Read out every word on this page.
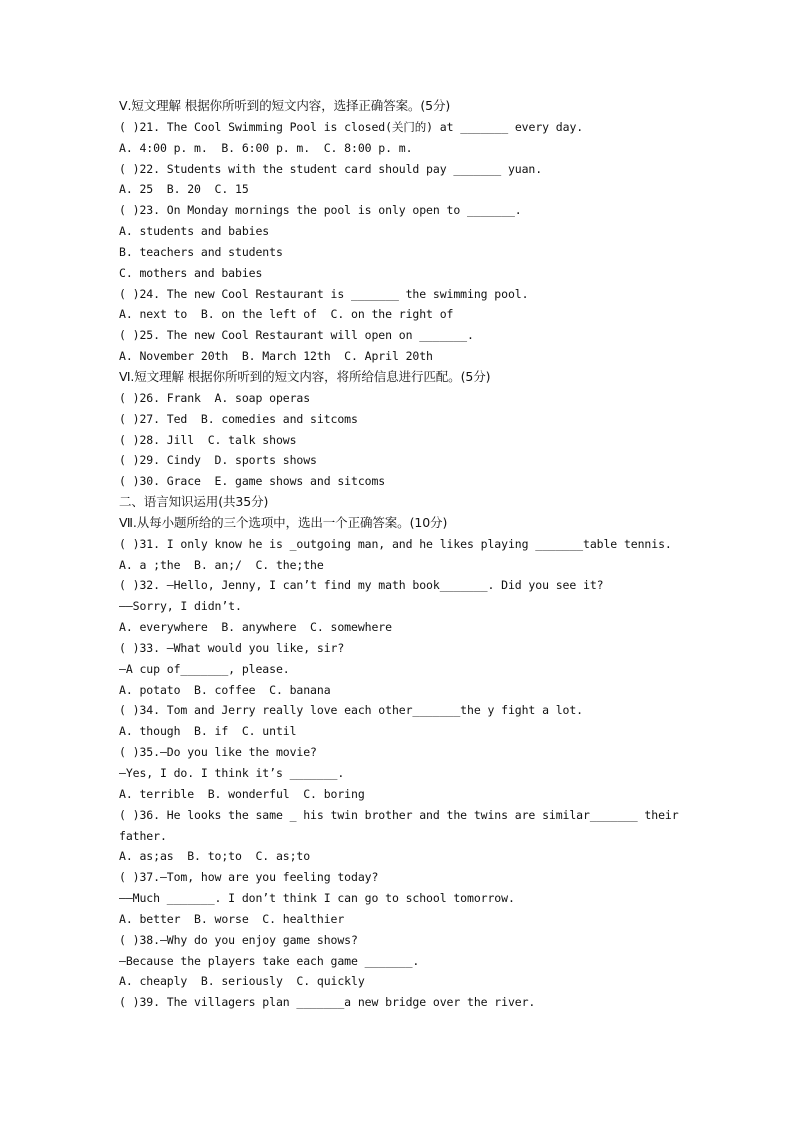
Ⅴ.短文理解 根据你所听到的短文内容，选择正确答案。(5分)
( )21. The Cool Swimming Pool is closed(关门的) at _______ every day.
A. 4:00 p. m.  B. 6:00 p. m.  C. 8:00 p. m.
( )22. Students with the student card should pay _______ yuan.
A. 25  B. 20  C. 15
( )23. On Monday mornings the pool is only open to _______.
A. students and babies
B. teachers and students
C. mothers and babies
( )24. The new Cool Restaurant is _______ the swimming pool.
A. next to  B. on the left of  C. on the right of
( )25. The new Cool Restaurant will open on _______.
A. November 20th  B. March 12th  C. April 20th
Ⅵ.短文理解 根据你所听到的短文内容，将所给信息进行匹配。(5分)
( )26. Frank  A. soap operas
( )27. Ted  B. comedies and sitcoms
( )28. Jill  C. talk shows
( )29. Cindy  D. sports shows
( )30. Grace  E. game shows and sitcoms
二、语言知识运用(共35分)
Ⅶ.从每小题所给的三个选项中，选出一个正确答案。(10分)
( )31. I only know he is _outgoing man, and he likes playing _______table tennis.
A. a ;the  B. an;/  C. the;the
( )32. —Hello, Jenny, I can’t find my math book_______. Did you see it?
——Sorry, I didn’t.
A. everywhere  B. anywhere  C. somewhere
( )33. —What would you like, sir?
—A cup of_______, please.
A. potato  B. coffee  C. banana
( )34. Tom and Jerry really love each other_______the y fight a lot.
A. though  B. if  C. until
( )35.—Do you like the movie?
—Yes, I do. I think it’s _______.
A. terrible  B. wonderful  C. boring
( )36. He looks the same _ his twin brother and the twins are similar_______ their
father.
A. as;as  B. to;to  C. as;to
( )37.—Tom, how are you feeling today?
——Much _______. I don’t think I can go to school tomorrow.
A. better  B. worse  C. healthier
( )38.—Why do you enjoy game shows?
—Because the players take each game _______.
A. cheaply  B. seriously  C. quickly
( )39. The villagers plan _______a new bridge over the river.
